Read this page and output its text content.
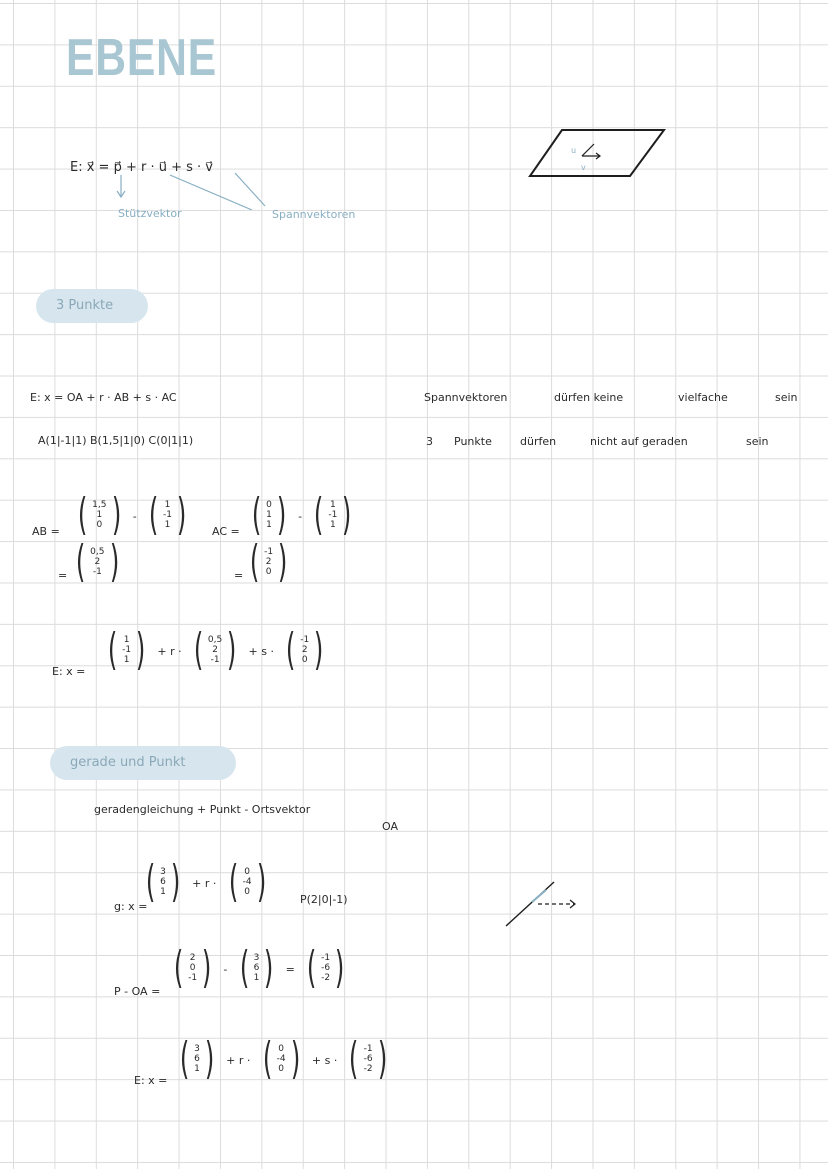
EBENE
E: x⃗ = p⃗ + r · u⃗ + s · v⃗
Stützvektor	Spannvektoren
u
v
3 Punkte
E: x = OA + r · AB + s · AC
A(1|-1|1) B(1,5|1|0) C(0|1|1)
Spannvektoren	dürfen keine	vielfache	sein
3 Punkte	dürfen	nicht auf geraden	sein
AB = ( 1,5
1
0 ) - ( 1
-1
1 )
= ( 0,5
2
-1 )
AC = ( 0
1
1 ) - ( 1
-1
1 )
= ( -1
2
0 )
E: x = ( 1
-1
1 ) + r · ( 0,5
2
-1 ) + s · ( -1
2
0 )
gerade und Punkt
geradengleichung + Punkt - Ortsvektor
OA
g: x =
( 3
6
1 ) + r · ( 0
-4
0 )	P(2|0|-1)
P - OA = ( 2
0
-1 ) - ( 3
6
1 ) = ( -1
-6
-2 )
E: x = ( 3
6
1 ) + r · ( 0
-4
0 ) + s · ( -1
-6
-2 )
